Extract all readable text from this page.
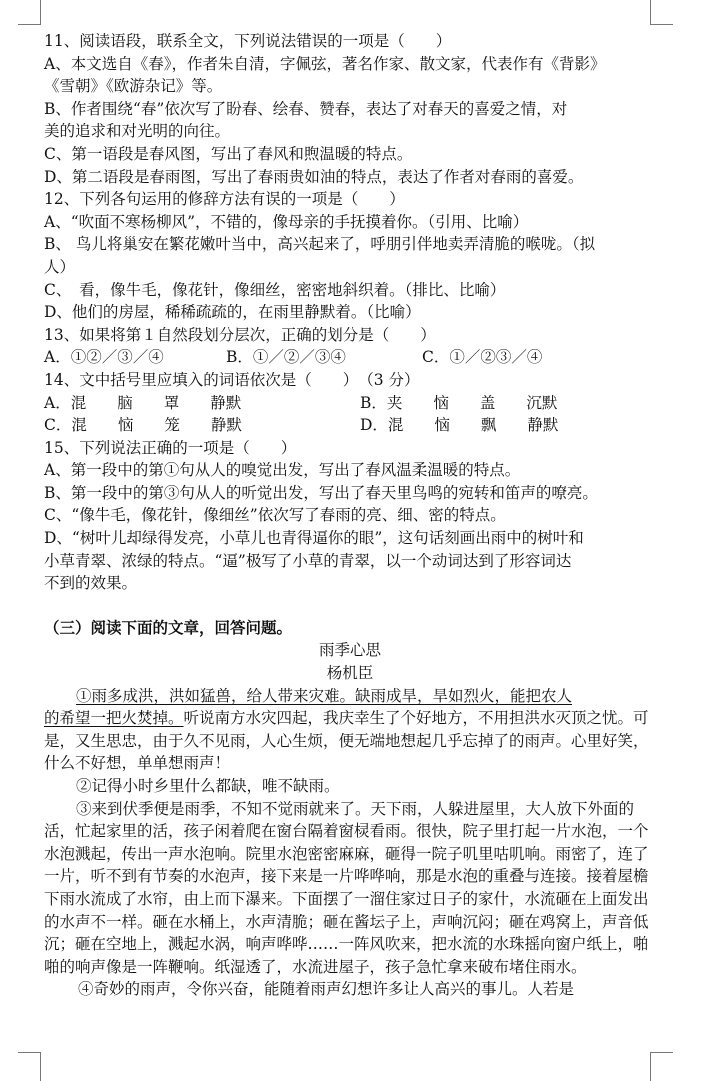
11、阅读语段，联系全文，下列说法错误的一项是（　　）
A、本文选自《春》，作者朱自清，字佩弦，著名作家、散文家，代表作有《背影》
《雪朝》《欧游杂记》等。
B、作者围绕“春”依次写了盼春、绘春、赞春，表达了对春天的喜爱之情，对
美的追求和对光明的向往。
C、第一语段是春风图，写出了春风和煦温暖的特点。
D、第二语段是春雨图，写出了春雨贵如油的特点，表达了作者对春雨的喜爱。
12、下列各句运用的修辞方法有误的一项是（　　）
A、“吹面不寒杨柳风”，不错的，像母亲的手抚摸着你。（引用、比喻）
B、 鸟儿将巢安在繁花嫩叶当中，高兴起来了，呼朋引伴地卖弄清脆的喉咙。（拟
人）
C、　看，像牛毛，像花针，像细丝，密密地斜织着。（排比、比喻）
D、他们的房屋，稀稀疏疏的，在雨里静默着。（比喻）
13、如果将第１自然段划分层次，正确的划分是（　　）
A．①②／③／④	B．①／②／③④	C．①／②③／④
14、文中括号里应填入的词语依次是（　　）　（3 分）
A．混　　脑　　罩　　静默	B．夹　　恼　　盖　　沉默
C．混　　恼　　笼　　静默	D．混　　恼　　飘　　静默
15、下列说法正确的一项是（　　）
A、第一段中的第①句从人的嗅觉出发，写出了春风温柔温暖的特点。
B、第一段中的第③句从人的听觉出发，写出了春天里鸟鸣的宛转和笛声的嘹亮。
C、“像牛毛，像花针，像细丝”依次写了春雨的亮、细、密的特点。
D、“树叶儿却绿得发亮，小草儿也青得逼你的眼”，这句话刻画出雨中的树叶和
小草青翠、浓绿的特点。“逼”极写了小草的青翠，以一个动词达到了形容词达
不到的效果。
（三）阅读下面的文章，回答问题。
雨季心思
杨机臣
①雨多成洪，洪如猛兽，给人带来灾难。缺雨成旱，旱如烈火，能把农人
的希望一把火焚掉。听说南方水灾四起，我庆幸生了个好地方，不用担洪水灭顶之忧。可是，又生思忠，由于久不见雨，人心生烦，便无端地想起几乎忘掉了的雨声。心里好笑，什么不好想，单单想雨声！
②记得小时乡里什么都缺，唯不缺雨。
③来到伏季便是雨季，不知不觉雨就来了。天下雨，人躲进屋里，大人放下外面的活，忙起家里的活，孩子闲着爬在窗台隔着窗棂看雨。很快，院子里打起一片水泡，一个水泡溅起，传出一声水泡响。院里水泡密密麻麻，砸得一院子叽里咕叽响。雨密了，连了一片，听不到有节奏的水泡声，接下来是一片哗哗响，那是水泡的重叠与连接。接着屋檐下雨水流成了水帘，由上而下瀑来。下面摆了一溜住家过日子的家什，水流砸在上面发出的水声不一样。砸在水桶上，水声清脆；砸在酱坛子上，声响沉闷；砸在鸡窝上，声音低沉；砸在空地上，溅起水涡，响声哗哗……一阵风吹来，把水流的水珠摇向窗户纸上，啪啪的响声像是一阵鞭响。纸湿透了，水流进屋子，孩子急忙拿来破布堵住雨水。
④奇妙的雨声，令你兴奋，能随着雨声幻想许多让人高兴的事儿。人若是
